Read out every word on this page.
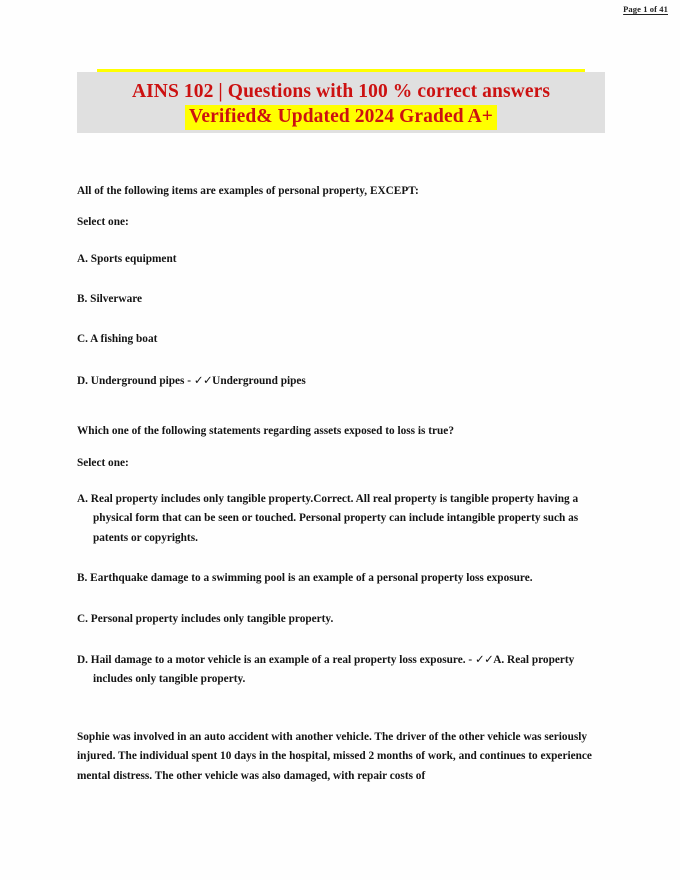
Page 1 of 41
AINS 102 | Questions with 100 % correct answers
Verified& Updated 2024 Graded A+

All of the following items are examples of personal property, EXCEPT:

Select one:

A. Sports equipment

B. Silverware

C. A fishing boat

D. Underground pipes - ✓✓Underground pipes

Which one of the following statements regarding assets exposed to loss is true?

Select one:

A. Real property includes only tangible property.Correct. All real property is tangible property having a physical form that can be seen or touched. Personal property can include intangible property such as patents or copyrights.

B. Earthquake damage to a swimming pool is an example of a personal property loss exposure.

C. Personal property includes only tangible property.

D. Hail damage to a motor vehicle is an example of a real property loss exposure. - ✓✓A. Real property includes only tangible property.

Sophie was involved in an auto accident with another vehicle. The driver of the other vehicle was seriously injured. The individual spent 10 days in the hospital, missed 2 months of work, and continues to experience mental distress. The other vehicle was also damaged, with repair costs of
